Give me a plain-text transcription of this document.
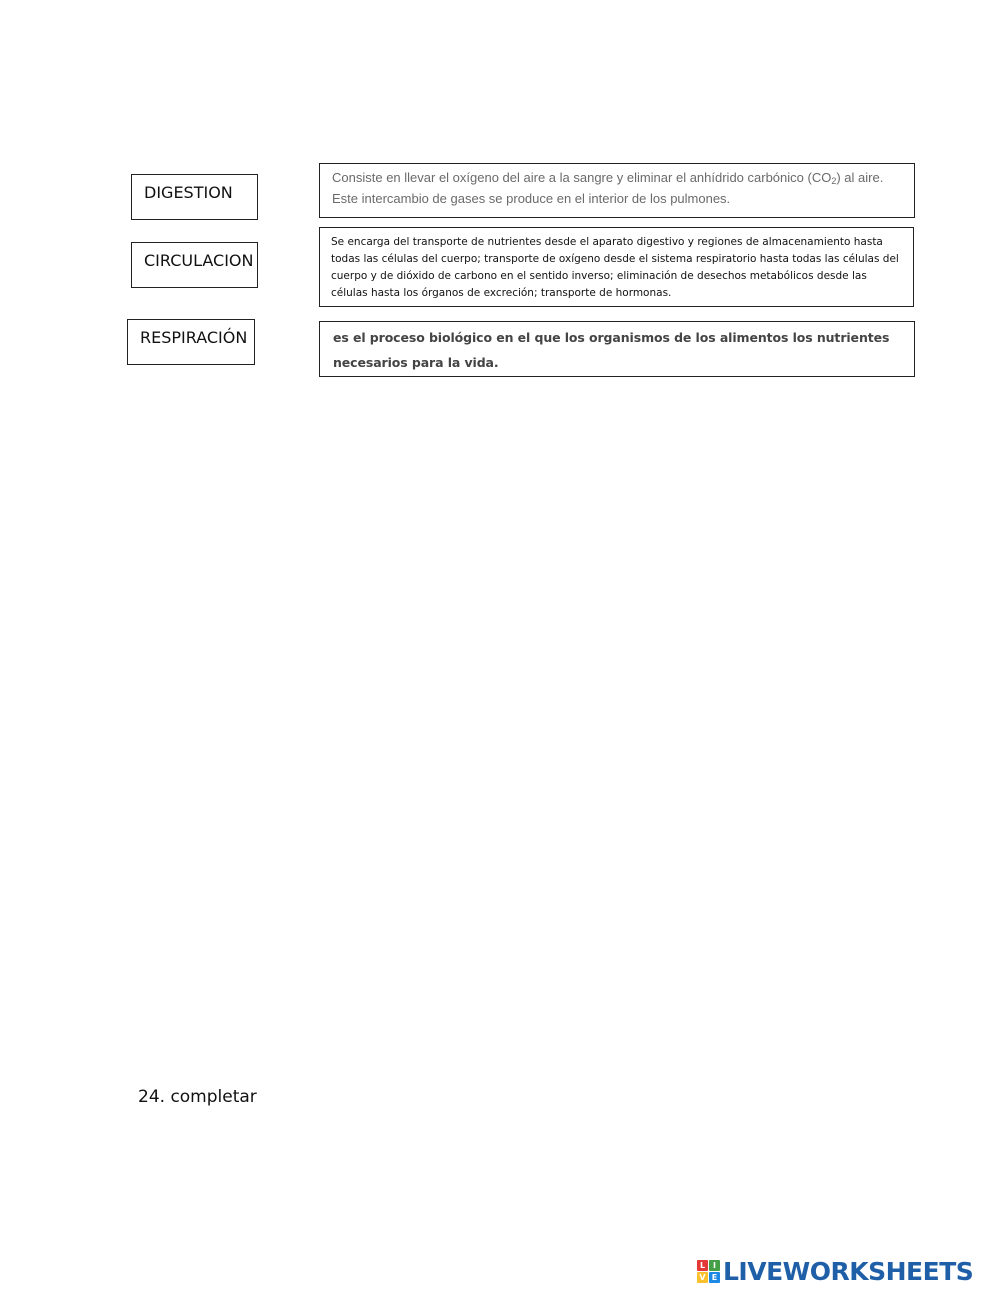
DIGESTION
CIRCULACION
RESPIRACIÓN
Consiste en llevar el oxígeno del aire a la sangre y eliminar el anhídrido carbónico $(CO_2)$ al aire. Este intercambio de gases se produce en el interior de los pulmones.
Se encarga del transporte de nutrientes desde el aparato digestivo y regiones de almacenamiento hasta todas las células del cuerpo; transporte de oxígeno desde el sistema respiratorio hasta todas las células del cuerpo y de dióxido de carbono en el sentido inverso; eliminación de desechos metabólicos desde las células hasta los órganos de excreción; transporte de hormonas.
es el proceso biológico en el que los organismos de los alimentos los nutrientes necesarios para la vida.
24. completar
L I
V E LIVEWORKSHEETS
